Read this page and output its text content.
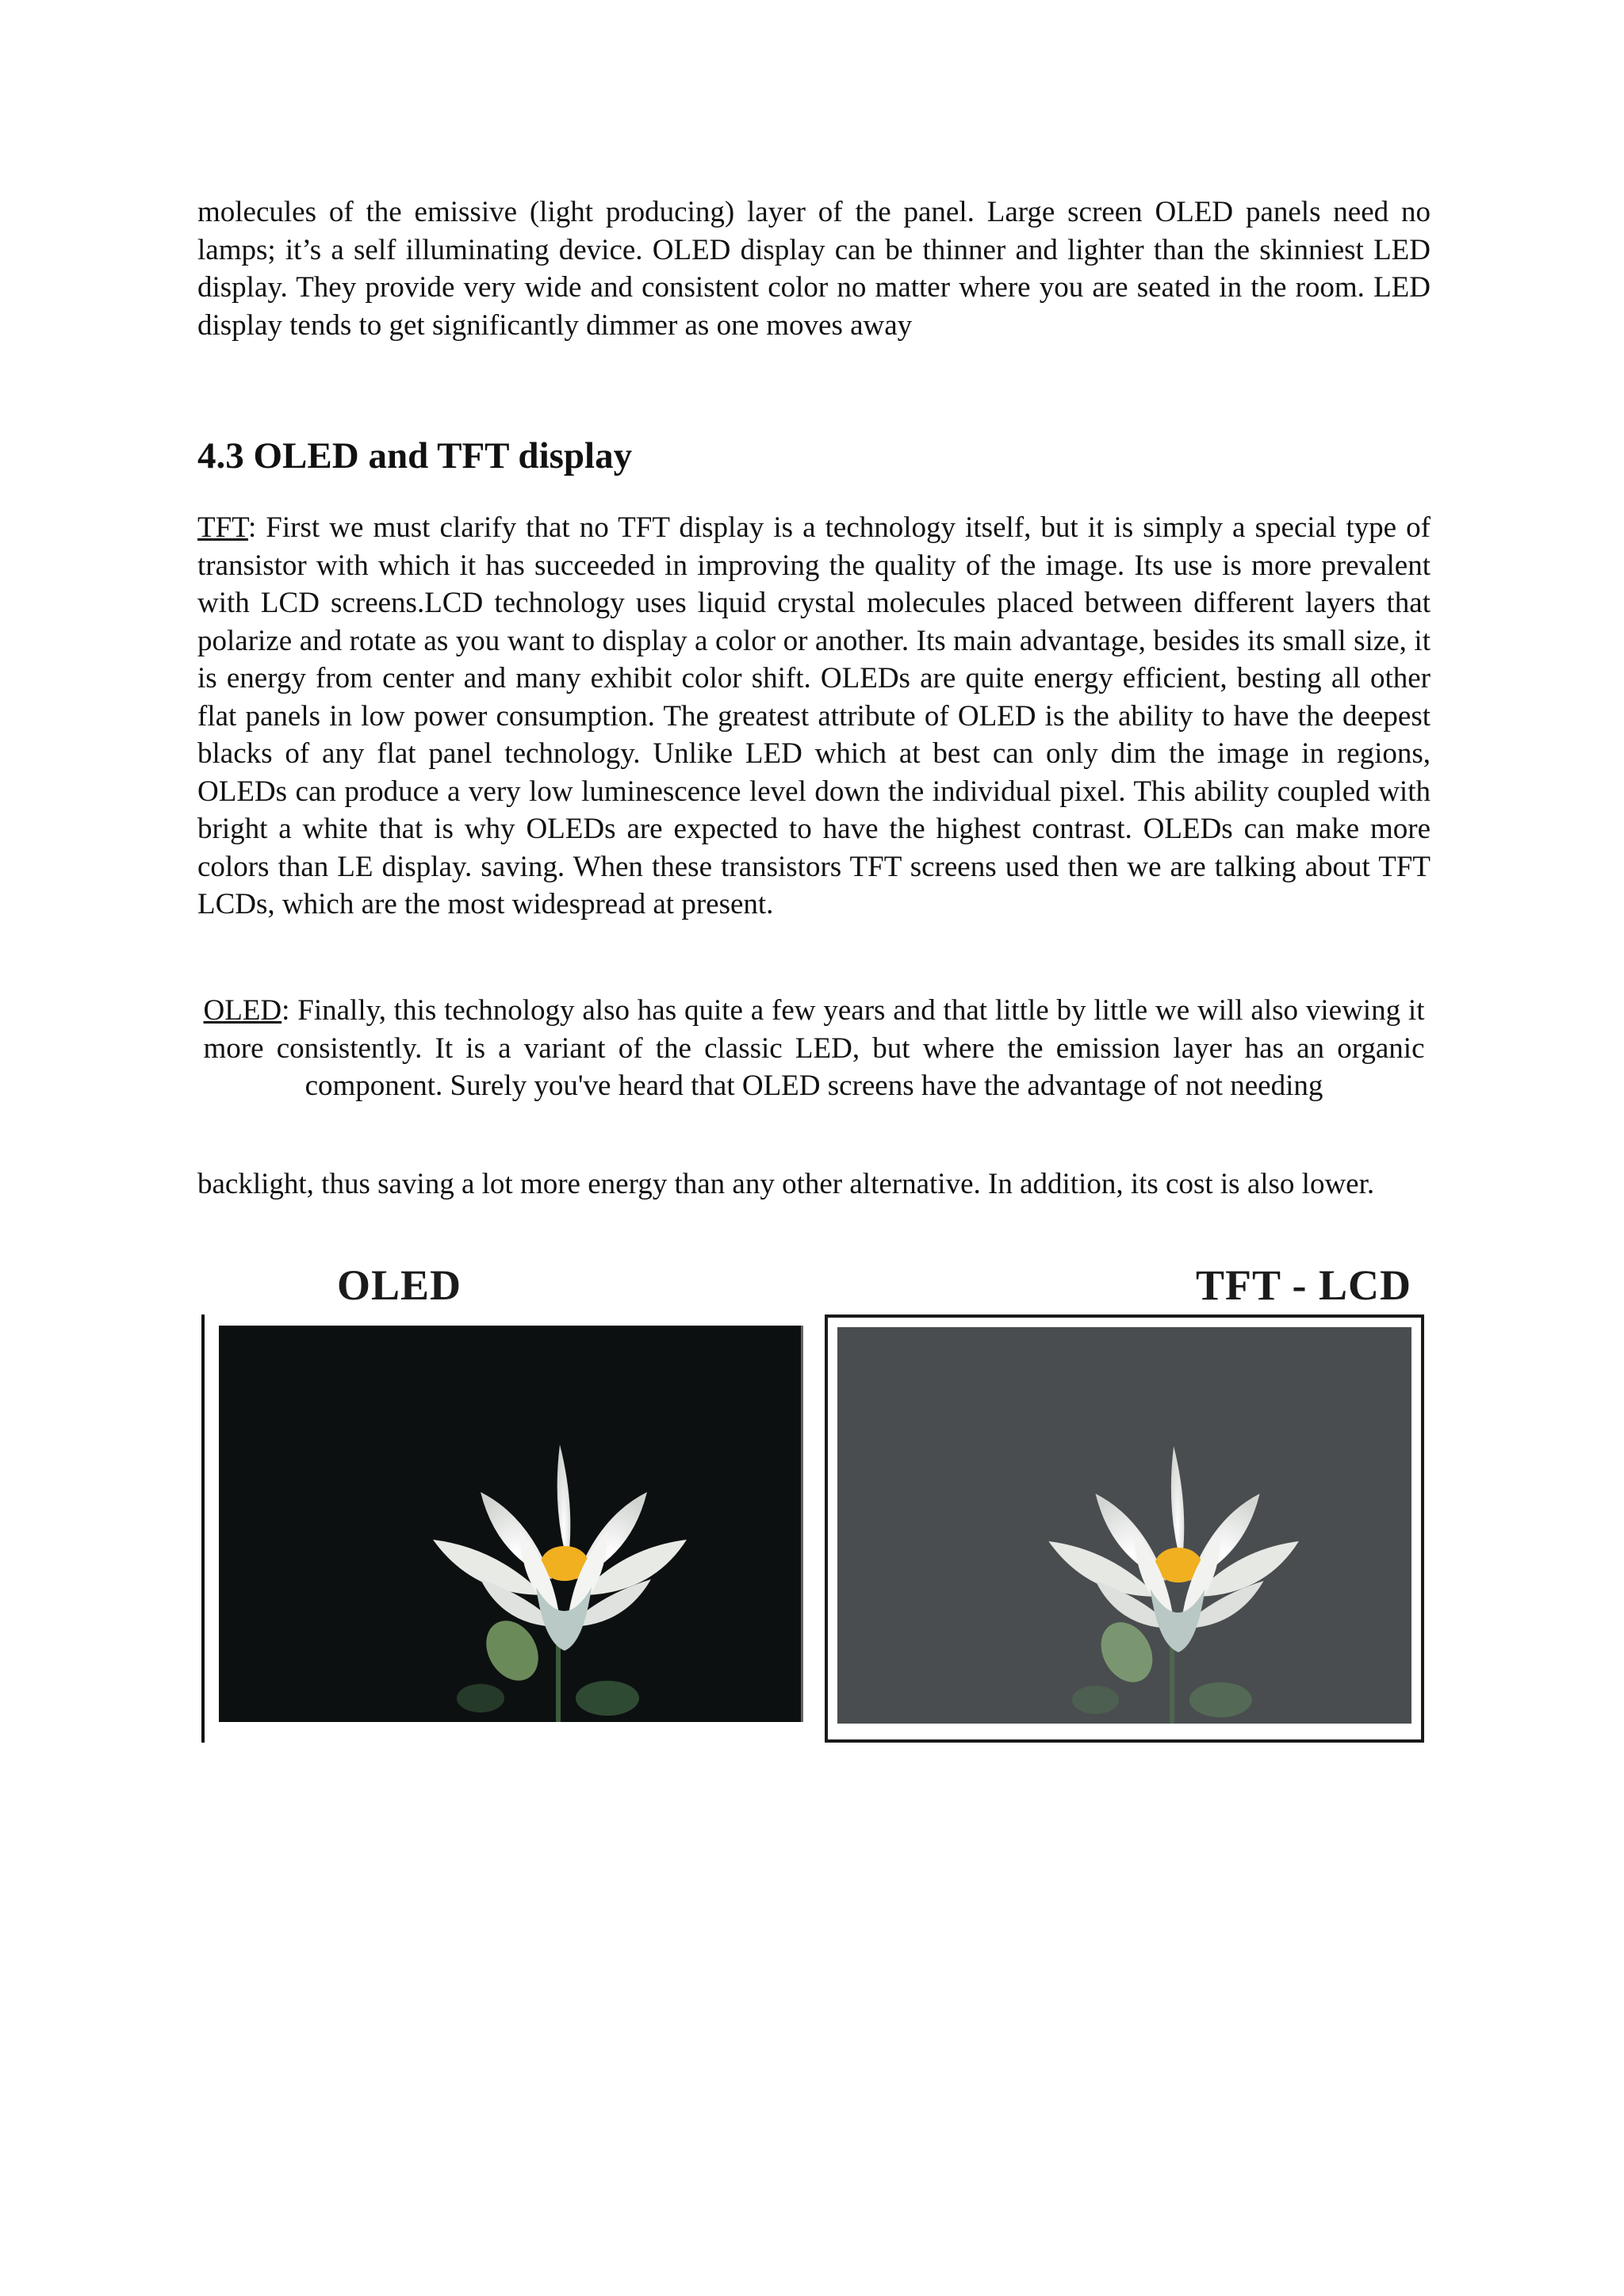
molecules of the emissive (light producing) layer of the panel. Large screen OLED panels need no lamps; it’s a self illuminating device. OLED display can be thinner and lighter than the skinniest LED display. They provide very wide and consistent color no matter where you are seated in the room. LED display tends to get significantly dimmer as one moves away

4.3 OLED and TFT display

TFT: First we must clarify that no TFT display is a technology itself, but it is simply a special type of transistor with which it has succeeded in improving the quality of the image. Its use is more prevalent with LCD screens.LCD technology uses liquid crystal molecules placed between different layers that polarize and rotate as you want to display a color or another. Its main advantage, besides its small size, it is energy from center and many exhibit color shift. OLEDs are quite energy efficient, besting all other flat panels in low power consumption. The greatest attribute of OLED is the ability to have the deepest blacks of any flat panel technology. Unlike LED which at best can only dim the image in regions, OLEDs can produce a very low luminescence level down the individual pixel. This ability coupled with bright a white that is why OLEDs are expected to have the highest contrast. OLEDs can make more colors than LE display. saving. When these transistors TFT screens used then we are talking about TFT LCDs, which are the most widespread at present.

OLED: Finally, this technology also has quite a few years and that little by little we will also viewing it more consistently. It is a variant of the classic LED, but where the emission layer has an organic component. Surely you've heard that OLED screens have the advantage of not needing

backlight, thus saving a lot more energy than any other alternative. In addition, its cost is also lower.

OLED	TFT - LCD
